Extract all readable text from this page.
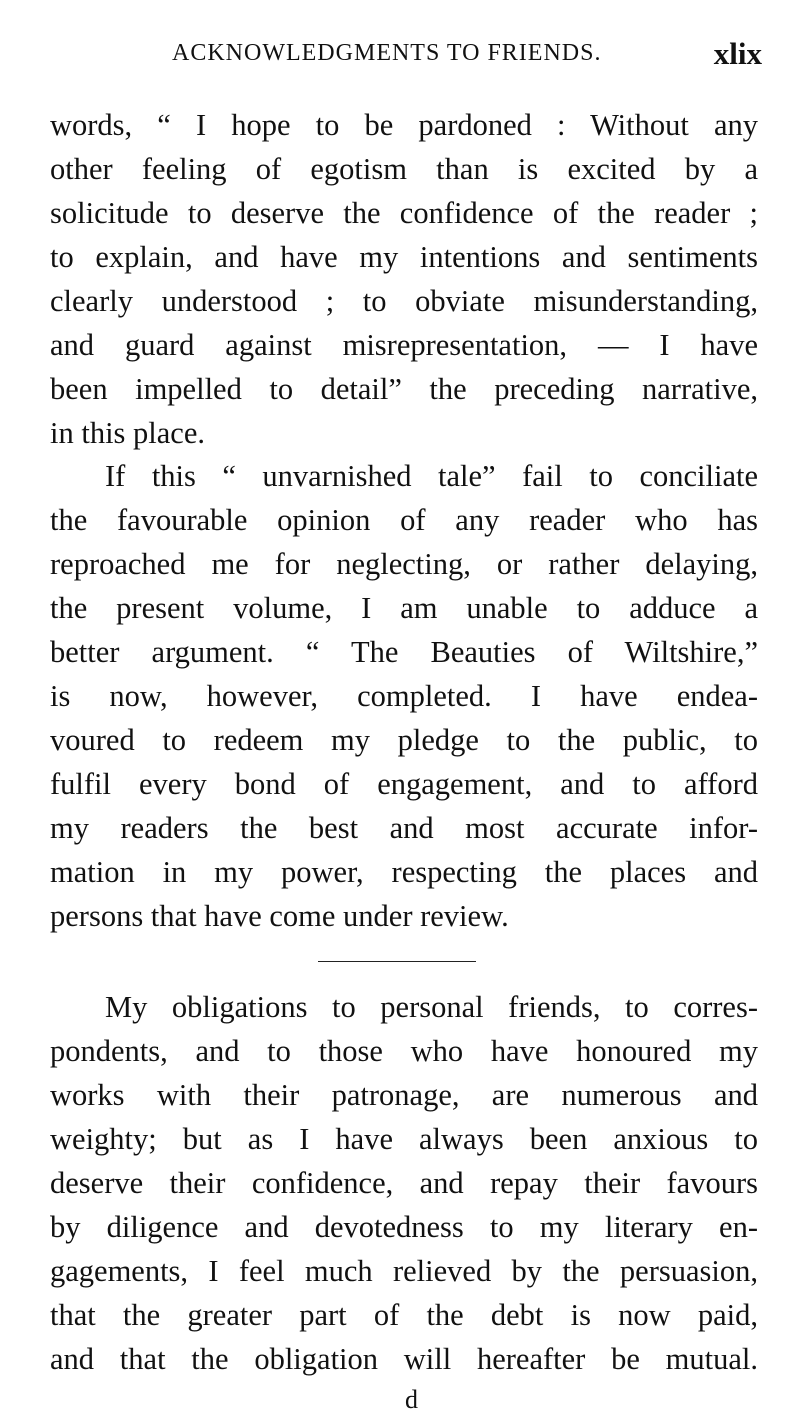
ACKNOWLEDGMENTS TO FRIENDS.	xlix
words, “ I hope to be pardoned : Without any
other feeling of egotism than is excited by a
solicitude to deserve the confidence of the reader ;
to explain, and have my intentions and sentiments
clearly understood ; to obviate misunderstanding,
and guard against misrepresentation, — I have
been impelled to detail” the preceding narrative,
in this place.
If this “ unvarnished tale” fail to conciliate
the favourable opinion of any reader who has
reproached me for neglecting, or rather delaying,
the present volume, I am unable to adduce a
better argument. “ The Beauties of Wiltshire,”
is now, however, completed. I have endea-
voured to redeem my pledge to the public, to
fulfil every bond of engagement, and to afford
my readers the best and most accurate infor-
mation in my power, respecting the places and
persons that have come under review.
My obligations to personal friends, to corres-
pondents, and to those who have honoured my
works with their patronage, are numerous and
weighty; but as I have always been anxious to
deserve their confidence, and repay their favours
by diligence and devotedness to my literary en-
gagements, I feel much relieved by the persuasion,
that the greater part of the debt is now paid,
and that the obligation will hereafter be mutual.
d
